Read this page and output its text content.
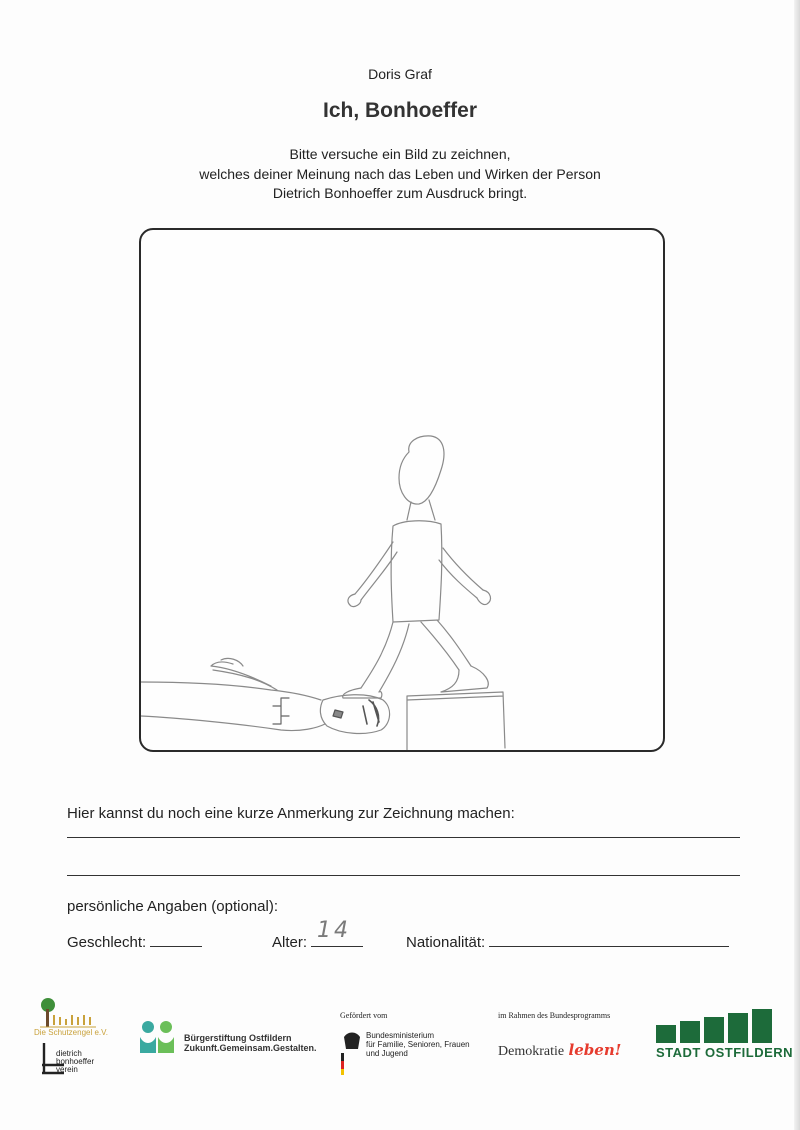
Doris Graf
Ich, Bonhoeffer
Bitte versuche ein Bild zu zeichnen,
welches deiner Meinung nach das Leben und Wirken der Person
Dietrich Bonhoeffer zum Ausdruck bringt.
Hier kannst du noch eine kurze Anmerkung zur Zeichnung machen:
persönliche Angaben (optional):
Geschlecht:	Alter: 14	Nationalität:
Die Schutzengel e.V.
dietrich
bonhoeffer
verein
Bürgerstiftung Ostfildern
Zukunft.Gemeinsam.Gestalten.
Gefördert vom
Bundesministerium
für Familie, Senioren, Frauen
und Jugend
im Rahmen des Bundesprogramms
Demokratie leben!	STADT OSTFILDERN
